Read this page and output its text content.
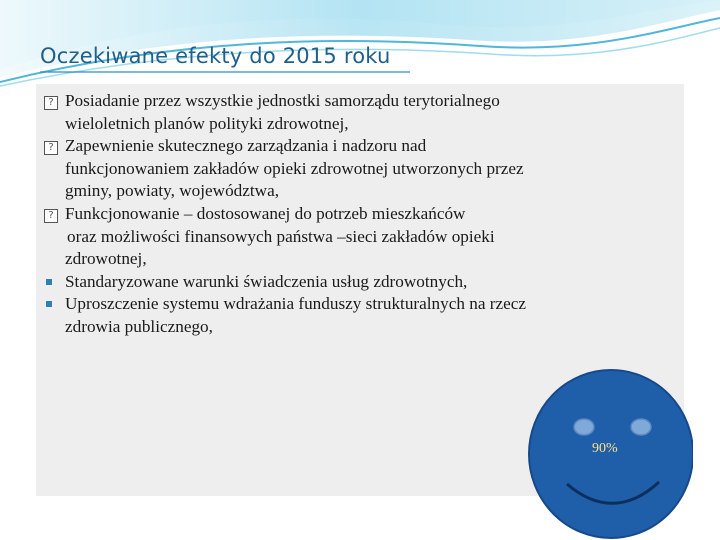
Oczekiwane efekty do 2015 roku
? Posiadanie przez wszystkie jednostki samorządu terytorialnego
wieloletnich planów polityki zdrowotnej,
? Zapewnienie skutecznego zarządzania i nadzoru nad
funkcjonowaniem zakładów opieki zdrowotnej utworzonych przez
gminy, powiaty, województwa,
? Funkcjonowanie – dostosowanej do potrzeb mieszkańców
oraz możliwości finansowych państwa –sieci zakładów opieki
zdrowotnej,
Standaryzowane warunki świadczenia usług zdrowotnych,
Uproszczenie systemu wdrażania funduszy strukturalnych na rzecz
zdrowia publicznego,
90%
